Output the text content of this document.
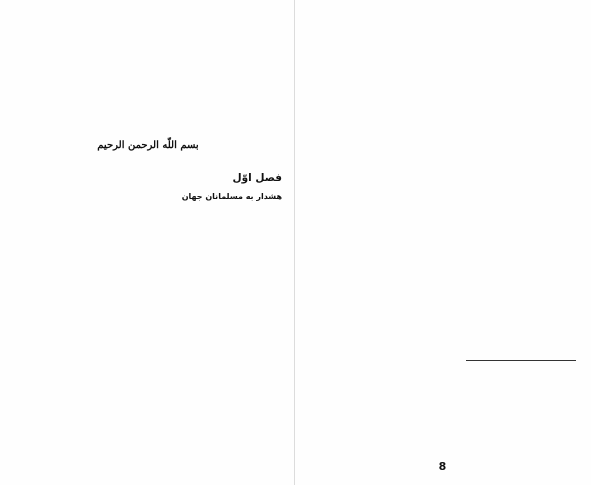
بسم اللّه الرحمن الرحيم
فصل اوّل
هشدار به مسلمانان جهان

8
